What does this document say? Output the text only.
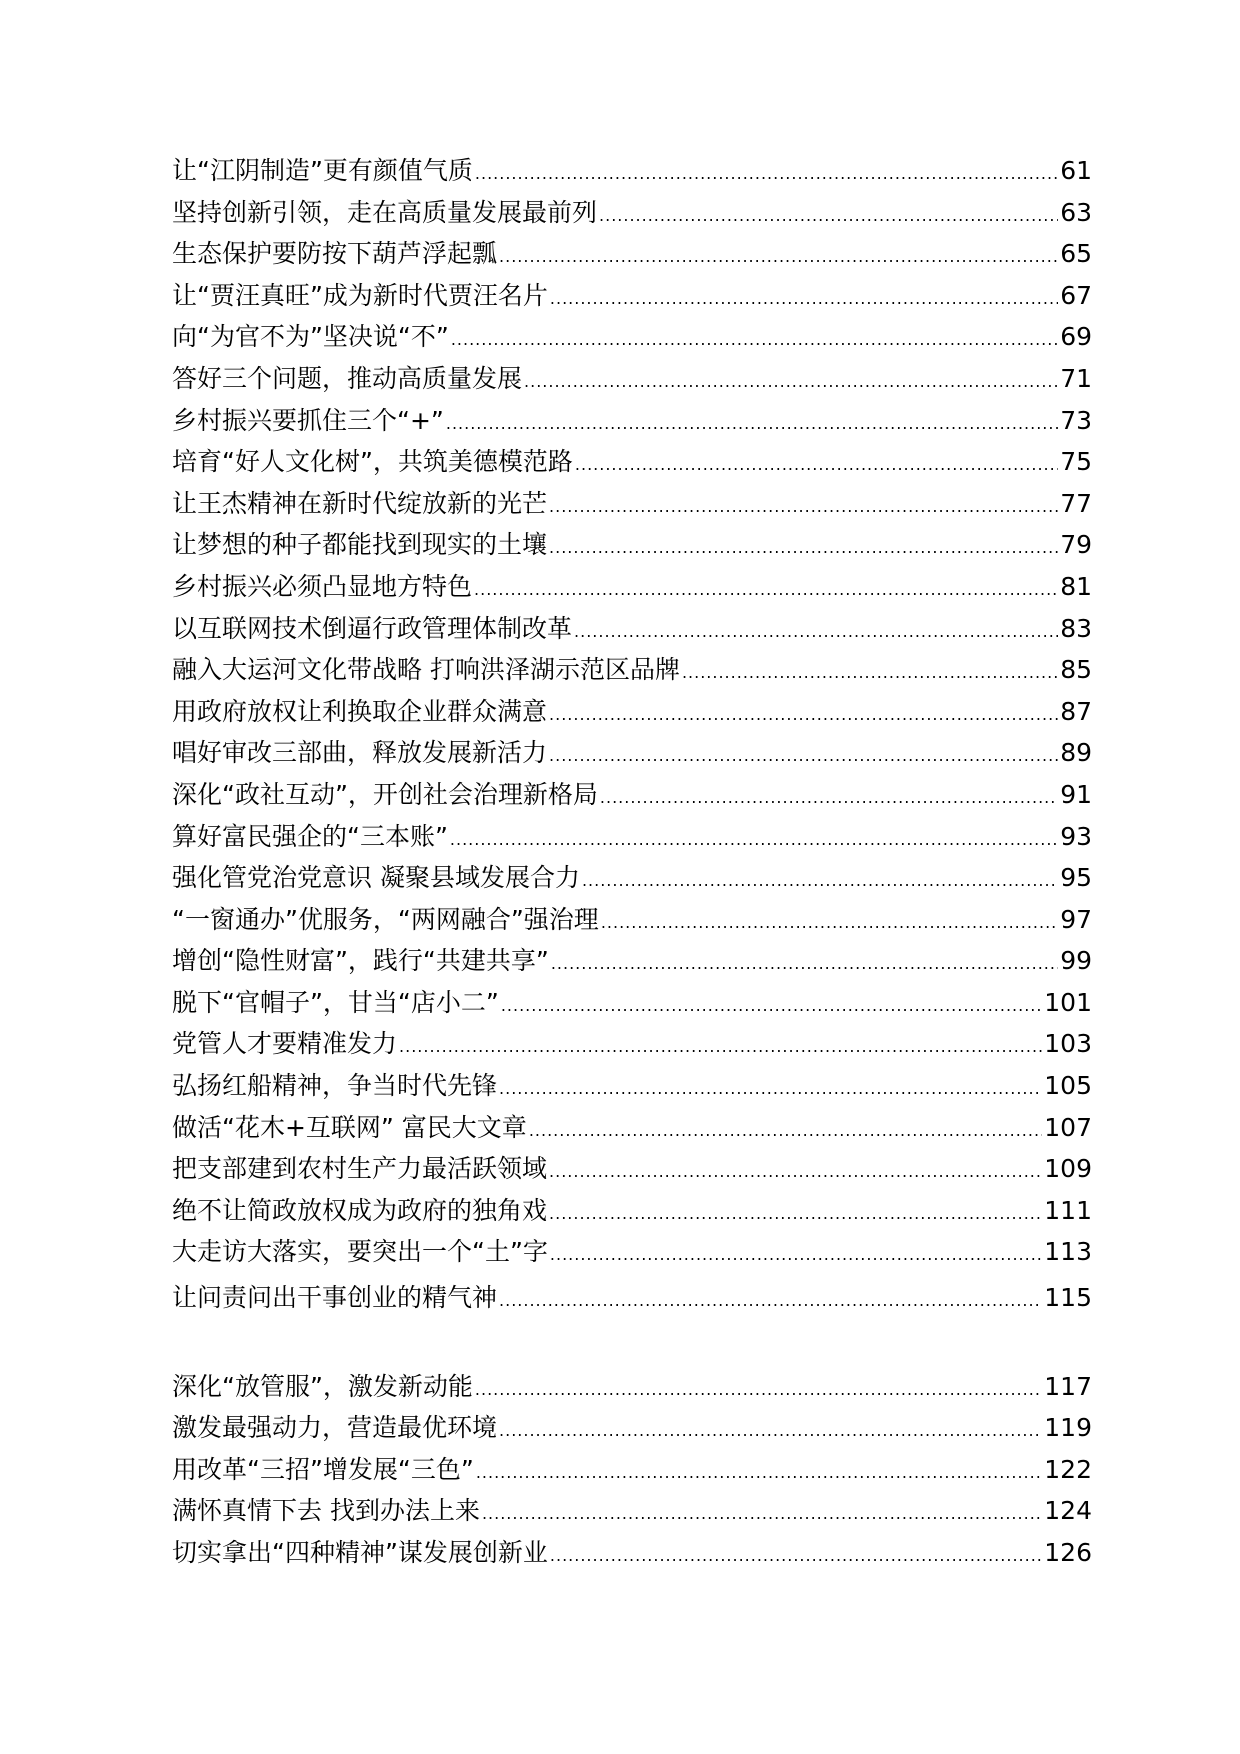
让“江阴制造”更有颜值气质 .....	61
坚持创新引领，走在高质量发展最前列 .....	63
生态保护要防按下葫芦浮起瓢 .....	65
让“贾汪真旺”成为新时代贾汪名片 .....	67
向“为官不为”坚决说“不” .....	69
答好三个问题，推动高质量发展 .....	71
乡村振兴要抓住三个“+” .....	73
培育“好人文化树”，共筑美德模范路 .....	75
让王杰精神在新时代绽放新的光芒 .....	77
让梦想的种子都能找到现实的土壤 .....	79
乡村振兴必须凸显地方特色 .....	81
以互联网技术倒逼行政管理体制改革 .....	83
融入大运河文化带战略 打响洪泽湖示范区品牌 .....	85
用政府放权让利换取企业群众满意 .....	87
唱好审改三部曲，释放发展新活力 .....	89
深化“政社互动”，开创社会治理新格局 .....	91
算好富民强企的“三本账” .....	93
强化管党治党意识 凝聚县域发展合力 .....	95
“一窗通办”优服务，“两网融合”强治理 .....	97
增创“隐性财富”，践行“共建共享” .....	99
脱下“官帽子”，甘当“店小二” .....	101
党管人才要精准发力 .....	103
弘扬红船精神，争当时代先锋 .....	105
做活“花木+互联网” 富民大文章 .....	107
把支部建到农村生产力最活跃领域 .....	109
绝不让简政放权成为政府的独角戏 .....	111
大走访大落实，要突出一个“土”字 .....	113
让问责问出干事创业的精气神 .....	115
深化“放管服”，激发新动能 .....	117
激发最强动力，营造最优环境 .....	119
用改革“三招”增发展“三色” .....	122
满怀真情下去 找到办法上来 .....	124
切实拿出“四种精神”谋发展创新业 .....	126
